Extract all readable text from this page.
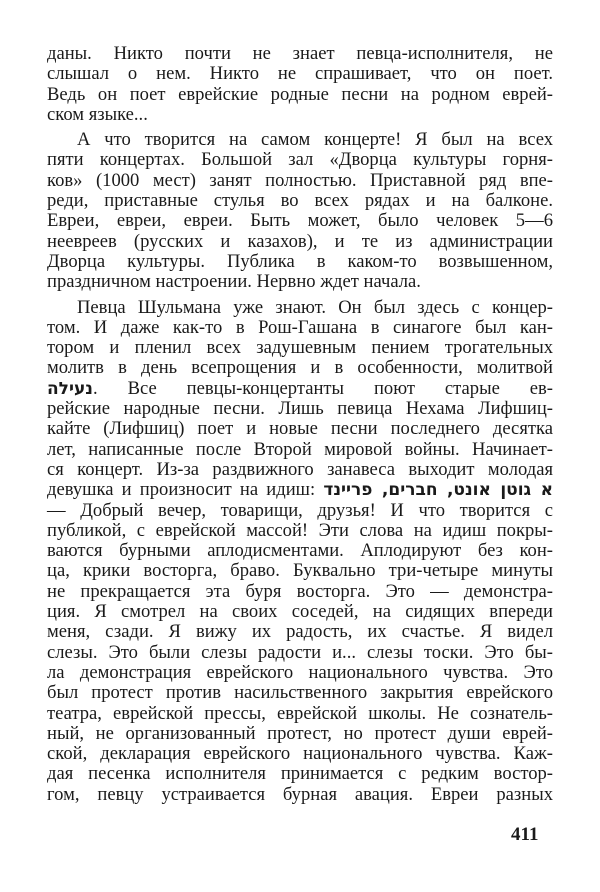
даны. Никто почти не знает певца-исполнителя, не
слышал о нем. Никто не спрашивает, что он поет.
Ведь он поет еврейские родные песни на родном еврей-
ском языке...
А что творится на самом концерте! Я был на всех
пяти концертах. Большой зал «Дворца культуры горня-
ков» (1000 мест) занят полностью. Приставной ряд впе-
реди, приставные стулья во всех рядах и на балконе.
Евреи, евреи, евреи. Быть может, было человек 5—6
неевреев (русских и казахов), и те из администрации
Дворца культуры. Публика в каком-то возвышенном,
праздничном настроении. Нервно ждет начала.
Певца Шульмана уже знают. Он был здесь с концер-
том. И даже как-то в Рош-Гашана в синагоге был кан-
тором и пленил всех задушевным пением трогательных
молитв в день всепрощения и в особенности, молитвой
נעילה. Все певцы-концертанты поют старые ев-
рейские народные песни. Лишь певица Нехама Лифшиц-
кайте (Лифшиц) поет и новые песни последнего десятка
лет, написанные после Второй мировой войны. Начинает-
ся концерт. Из-за раздвижного занавеса выходит молодая
девушка и произносит на идиш: א גוטן אונט, חברים, פריינד
— Добрый вечер, товарищи, друзья! И что творится с
публикой, с еврейской массой! Эти слова на идиш покры-
ваются бурными аплодисментами. Аплодируют без кон-
ца, крики восторга, браво. Буквально три-четыре минуты
не прекращается эта буря восторга. Это — демонстра-
ция. Я смотрел на своих соседей, на сидящих впереди
меня, сзади. Я вижу их радость, их счастье. Я видел
слезы. Это были слезы радости и... слезы тоски. Это бы-
ла демонстрация еврейского национального чувства. Это
был протест против насильственного закрытия еврейского
театра, еврейской прессы, еврейской школы. Не сознатель-
ный, не организованный протест, но протест души еврей-
ской, декларация еврейского национального чувства. Каж-
дая песенка исполнителя принимается с редким востор-
гом, певцу устраивается бурная авация. Евреи разных
411
